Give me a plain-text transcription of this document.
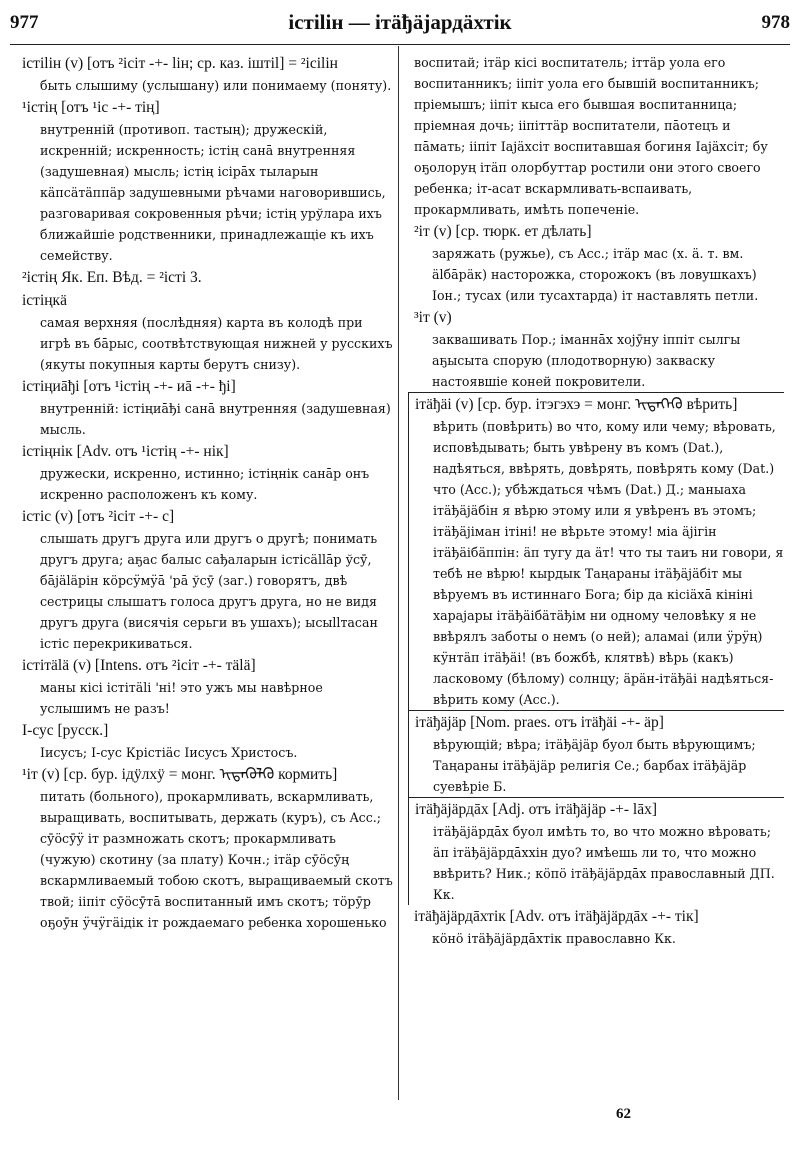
977	істіlін — ітäђäјардäхтік	978
істіlін (v) [отъ ²ісіт -+- lін; ср. каз. іштіl] = ²ісіlін
быть слышиму (услышану) или понимаему (поняту).
¹істің [отъ ¹іс -+- тің]
внутренній (противоп. тастың); дружескій, искренній; искренность; істің санā внутренняя (задушевная) мысль; істің ісірāх тыларын кäпсäтäппäр задушевными рѣчами наговорившись, разговаривая сокровенныя рѣчи; істің урўлара ихъ ближайшіе родственники, принадлежащіе къ ихъ семейству.
²істің Як. Еп. Вѣд. = ²істі 3.
істіңкä
самая верхняя (послѣдняя) карта въ колодѣ при игрѣ въ бāрыс, соотвѣтствующая нижней у русскихъ (якуты покупныя карты берутъ снизу).
істіңиāђі [отъ ¹істің -+- иā -+- ђі]
внутренній: істіңиāђі санā внутренняя (задушевная) мысль.
істіңнік [Adv. отъ ¹істің -+- нік]
дружески, искренно, истинно; істіңнік санāр онъ искренно расположенъ къ кому.
істіс (v) [отъ ²ісіт -+- с]
слышать другъ друга или другъ о другѣ; понимать другъ друга; аҕас балыс сађаларын істісällāр ўсӯ, бāјäläрін кöрсӱмӱā 'рā ўсӯ (заг.) говорятъ, двѣ сестрицы слышатъ голоса другъ друга, но не видя другъ друга (висячія серьги въ ушахъ); ысыllтасан істіс перекрикиваться.
істітälä (v) [Intens. отъ ²ісіт -+- тälä]
маны кісі істітälі 'ні! это ужъ мы навѣрное услышимъ не разъ!
І-сус [русск.]
Іисусъ; І-сус Крістіäс Іисусъ Христосъ.
¹іт (v) [ср. бур. ідӱлхӱ = монг. ᠢᠳᠡᠭᠦᠯᠬᠦ кормить]
питать (больного), прокармливать, вскармливать, выращивать, воспитывать, держать (куръ), съ Acc.; сӯöсӯӱ іт размножать скотъ; прокармливать (чужую) скотину (за плату) Кочн.; ітäр сӯöсӯң вскармливаемый тобою скотъ, выращиваемый скотъ твой; ііпіт сӯöсӯтā воспитанный имъ скотъ; тöрӯр оҕоӯн ӱчӱгäідік іт рождаемаго ребенка хорошенько
воспитай; ітäр кісі воспитатель; іттäр уола его воспитанникъ; ііпіт уола его бывшій воспитанникъ; пріемышъ; ііпіт кыса его бывшая воспитанница; пріемная дочь; ііпіттäр воспитатели, пāотецъ и пāмать; ііпіт Іајäхсіт воспитавшая богиня Іајäхсіт; бу оҕолоруң ітäп олорбуттар ростили они этого своего ребенка; іт-асат вскармливать-вспаивать, прокармливать, имѣть попеченіе.
²іт (v) [ср. тюрк. ет дѣлать]
заряжать (ружье), съ Acc.; ітäр мас (х. ä. т. вм. älбāрäк) насторожка, сторожокъ (въ ловушкахъ) Іон.; тусах (или тусахтарда) іт наставлять петли.
³іт (v)
заквашивать Пор.; іманнāх хојӯну іппіт сылгы аҕысыта спорую (плодотворную) закваску настоявшіе коней покровители.
ітäђäі (v) [ср. бур. ітэгэхэ = монг. ᠢᠲᠡᠭᠡᠬᠦ вѣрить]
вѣрить (повѣрить) во что, кому или чему; вѣровать, исповѣдывать; быть увѣрену въ комъ (Dat.), надѣяться, ввѣрять, довѣрять, повѣрять кому (Dat.) что (Acc.); убѣждаться чѣмъ (Dat.) Д.; маныаха ітäђäјäбін я вѣрю этому или я увѣренъ въ этомъ; ітäђäјіман ітіні! не вѣрьте этому! міа äјігін ітäђäібäппін: äп тугу да äт! что ты таиъ ни говори, я тебѣ не вѣрю! кырдык Таңараны ітäђäјäбіт мы вѣруемъ въ истиннаго Бога; бір да кісіäхā кініні харајары ітäђäібäтäђім ни одному человѣку я не ввѣрялъ заботы о немъ (о ней); аламаі (или ӱрӱң) кӱнтäп ітäђäі! (въ божбѣ, клятвѣ) вѣрь (какъ) ласковому (бѣлому) солнцу; äрäн-ітäђäі надѣяться-вѣрить кому (Acc.).
ітäђäјäр [Nom. praes. отъ ітäђäі -+- äр]
вѣрующій; вѣра; ітäђäјäр буол быть вѣрующимъ; Таңараны ітäђäјäр религія Се.; барбах ітäђäјäр суевѣріе Б.
ітäђäјäрдāх [Adj. отъ ітäђäјäр -+- lāх]
ітäђäјäрдāх буол имѣть то, во что можно вѣровать; äп ітäђäјäрдāххін дуо? имѣешь ли то, что можно ввѣрить? Ник.; кöпö ітäђäјäрдāх православный ДП. Кк.
ітäђäјäрдāхтік [Adv. отъ ітäђäјäрдāх -+- тік]
кöнö ітäђäјäрдāхтік православно Кк.
62
